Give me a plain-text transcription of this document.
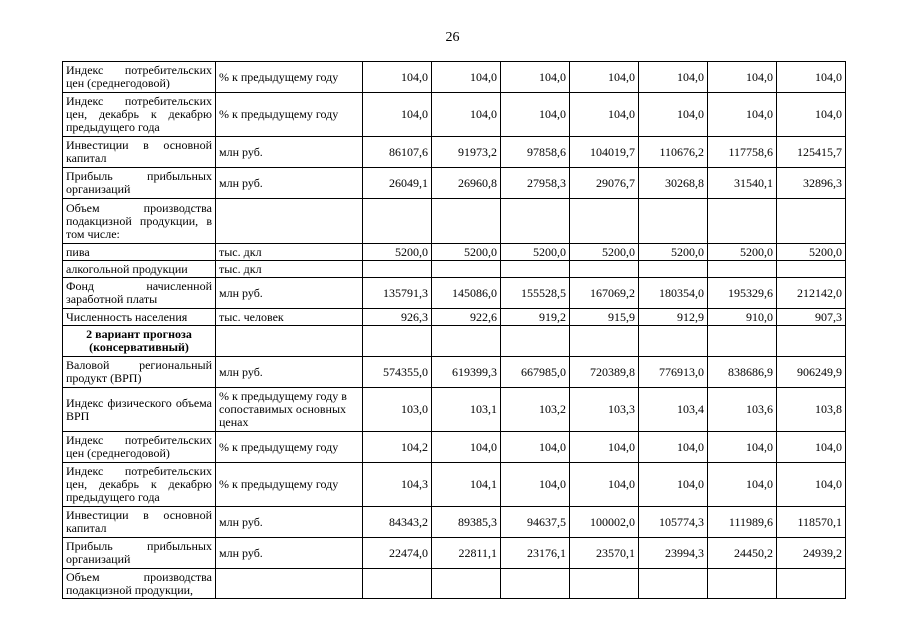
26
Индекс потребительских цен (среднегодовой)	% к предыдущему году	104,0	104,0	104,0	104,0	104,0	104,0	104,0
Индекс потребительских цен, декабрь к декабрю предыдущего года	% к предыдущему году	104,0	104,0	104,0	104,0	104,0	104,0	104,0
Инвестиции в основной капитал	млн руб.	86107,6	91973,2	97858,6	104019,7	110676,2	117758,6	125415,7
Прибыль прибыльных организаций	млн руб.	26049,1	26960,8	27958,3	29076,7	30268,8	31540,1	32896,3
Объем производства подакцизной продукции, в том числе:								
пива	тыс. дкл	5200,0	5200,0	5200,0	5200,0	5200,0	5200,0	5200,0
алкогольной продукции	тыс. дкл							
Фонд начисленной заработной платы	млн руб.	135791,3	145086,0	155528,5	167069,2	180354,0	195329,6	212142,0
Численность населения	тыс. человек	926,3	922,6	919,2	915,9	912,9	910,0	907,3
2 вариант прогноза (консервативный)								
Валовой региональный продукт (ВРП)	млн руб.	574355,0	619399,3	667985,0	720389,8	776913,0	838686,9	906249,9
Индекс физического объема ВРП	% к предыдущему году в сопоставимых основных ценах	103,0	103,1	103,2	103,3	103,4	103,6	103,8
Индекс потребительских цен (среднегодовой)	% к предыдущему году	104,2	104,0	104,0	104,0	104,0	104,0	104,0
Индекс потребительских цен, декабрь к декабрю предыдущего года	% к предыдущему году	104,3	104,1	104,0	104,0	104,0	104,0	104,0
Инвестиции в основной капитал	млн руб.	84343,2	89385,3	94637,5	100002,0	105774,3	111989,6	118570,1
Прибыль прибыльных организаций	млн руб.	22474,0	22811,1	23176,1	23570,1	23994,3	24450,2	24939,2
Объем производства подакцизной продукции,								
